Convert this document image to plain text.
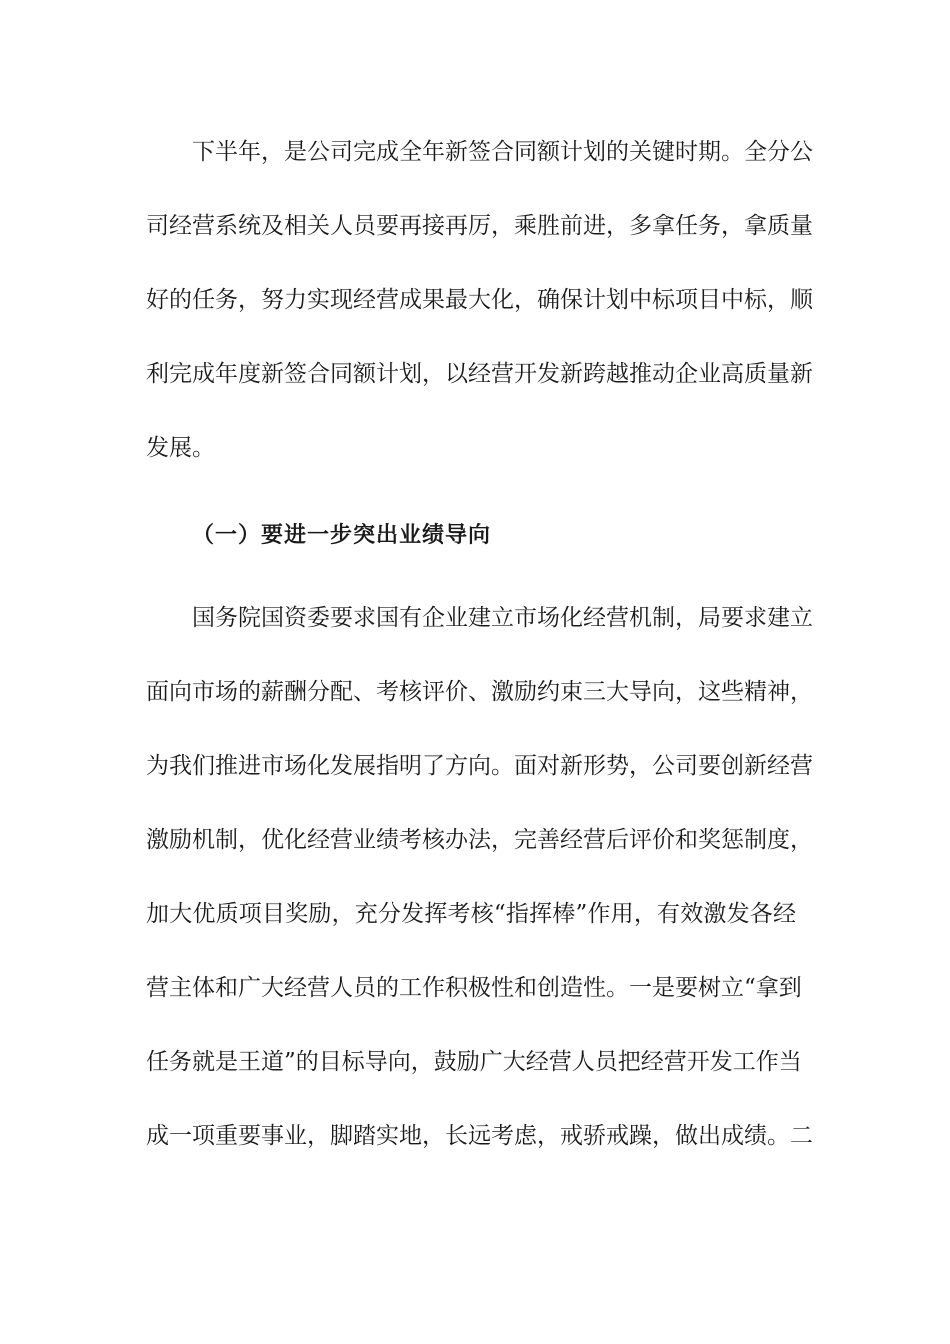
下半年，是公司完成全年新签合同额计划的关键时期。全分公
司经营系统及相关人员要再接再厉，乘胜前进，多拿任务，拿质量
好的任务，努力实现经营成果最大化，确保计划中标项目中标，顺
利完成年度新签合同额计划，以经营开发新跨越推动企业高质量新
发展。
（一）要进一步突出业绩导向
国务院国资委要求国有企业建立市场化经营机制，局要求建立
面向市场的薪酬分配、考核评价、激励约束三大导向，这些精神，
为我们推进市场化发展指明了方向。面对新形势，公司要创新经营
激励机制，优化经营业绩考核办法，完善经营后评价和奖惩制度，
加大优质项目奖励，充分发挥考核“指挥棒”作用，有效激发各经
营主体和广大经营人员的工作积极性和创造性。一是要树立“拿到
任务就是王道”的目标导向，鼓励广大经营人员把经营开发工作当
成一项重要事业，脚踏实地，长远考虑，戒骄戒躁，做出成绩。二
